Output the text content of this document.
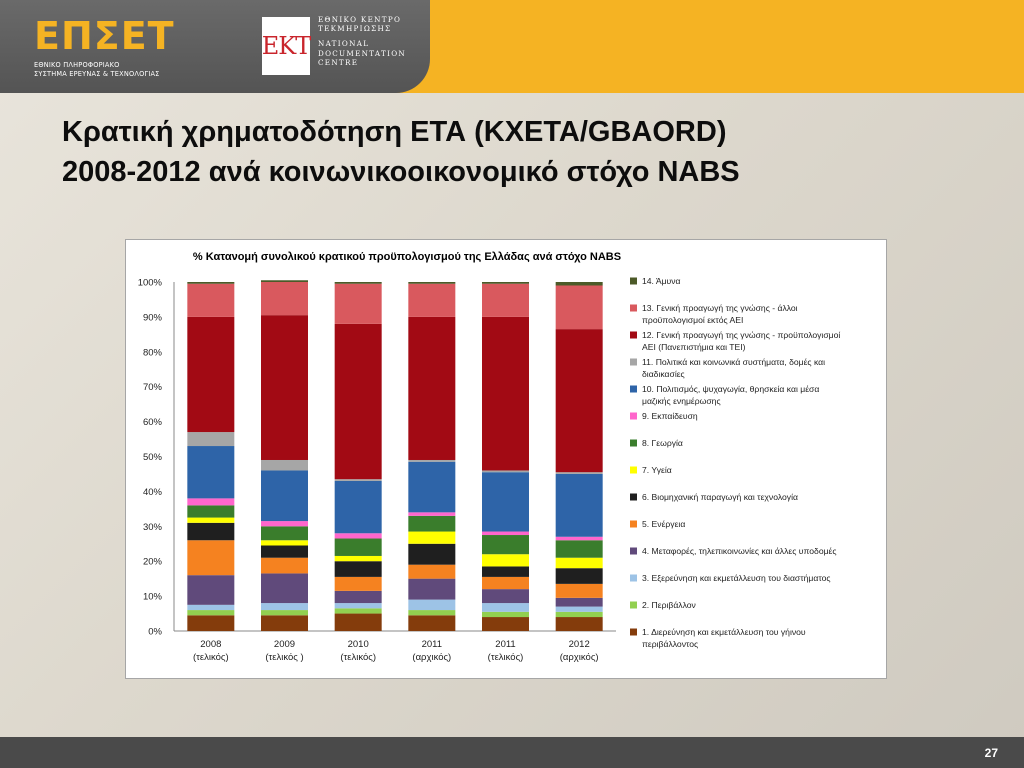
ΕΠΣΕΤ
ΕΘΝΙΚΟ ΠΛΗΡΟΦΟΡΙΑΚΟ
ΣΥΣΤΗΜΑ ΕΡΕΥΝΑΣ & ΤΕΧΝΟΛΟΓΙΑΣ
ΕΚΤ
ΕΘΝΙΚΟ ΚΕΝΤΡΟ
ΤΕΚΜΗΡΙΩΣΗΣ
NATIONAL
DOCUMENTATION
CENTRE
Κρατική χρηματοδότηση ΕΤΑ (ΚΧΕΤΑ/GBAORD)
2008-2012 ανά κοινωνικοοικονομικό στόχο NABS
% Κατανομή συνολικού κρατικού προϋπολογισμού της Ελλάδας ανά στόχο NABS
0%
10%
20%
30%
40%
50%
60%
70%
80%
90%
100%
2008
(τελικός)
2009
(τελικός )
2010
(τελικός)
2011
(αρχικός)
2011
(τελικός)
2012
(αρχικός)
14. Άμυνα
13. Γενική προαγωγή της γνώσης - άλλοι
προϋπολογισμοί εκτός ΑΕΙ
12. Γενική προαγωγή της γνώσης - προϋπολογισμοί
ΑΕΙ (Πανεπιστήμια και ΤΕΙ)
11. Πολιτικά και κοινωνικά συστήματα, δομές και
διαδικασίες
10. Πολιτισμός, ψυχαγωγία, θρησκεία και μέσα
μαζικής ενημέρωσης
9. Εκπαίδευση
8. Γεωργία
7. Υγεία
6. Βιομηχανική παραγωγή και τεχνολογία
5. Ενέργεια
4. Μεταφορές, τηλεπικοινωνίες και άλλες υποδομές
3. Εξερεύνηση και εκμετάλλευση του διαστήματος
2. Περιβάλλον
1. Διερεύνηση και εκμετάλλευση του γήινου
περιβάλλοντος
27
